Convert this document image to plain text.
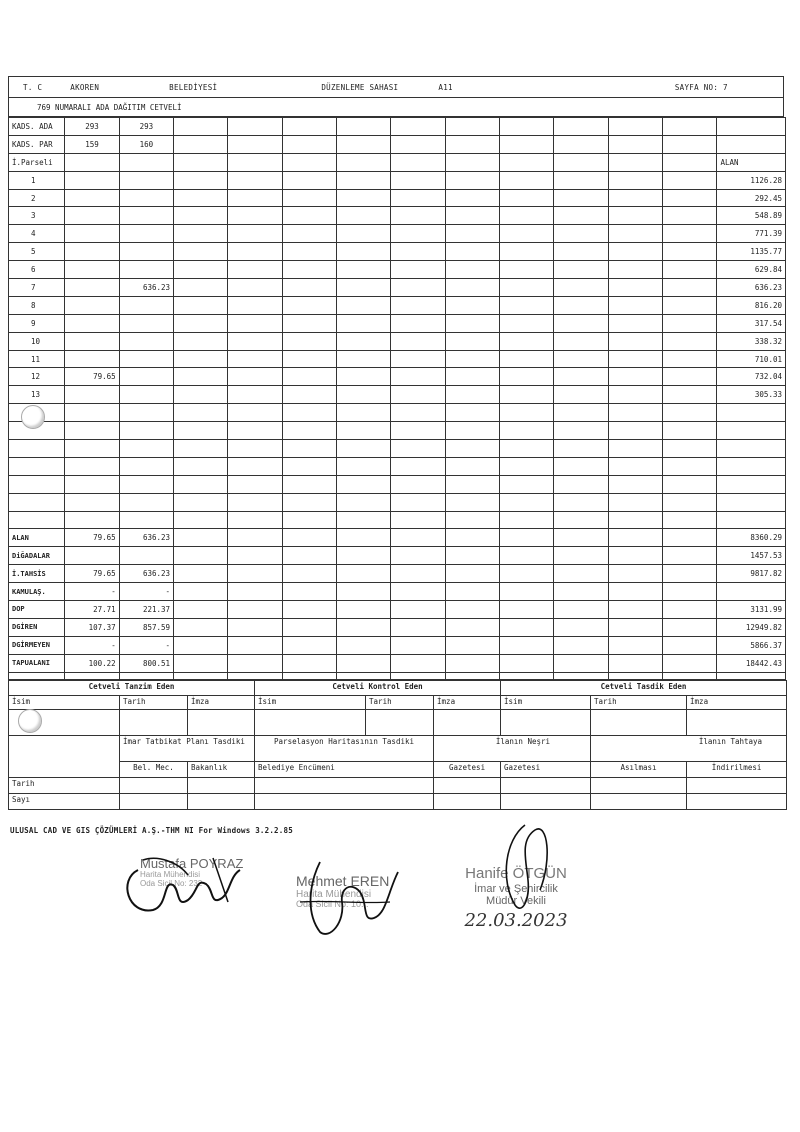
T. C	AKOREN	BELEDİYESİ	DÜZENLEME SAHASI	A11	SAYFA NO: 7
769 NUMARALI ADA DAĞITIM CETVELİ
KADS. ADA	293	293											
KADS. PAR	159	160											
İ.Parseli													ALAN
1													1126.28
2													292.45
3													548.89
4													771.39
5													1135.77
6													629.84
7		636.23											636.23
8													816.20
9													317.54
10													338.32
11													710.01
12	79.65												732.04
13													305.33

ALAN	79.65	636.23											8360.29
DiĞADALAR													1457.53
İ.TAHSİS	79.65	636.23											9817.82
KAMULAŞ.	-	-											
DOP	27.71	221.37											3131.99
DGİREN	107.37	857.59											12949.82
DGİRMEYEN	-	-											5866.37
TAPUALANI	100.22	800.51											18442.43

Cetveli Tanzim Eden			Cetveli Kontrol Eden			Cetveli Tasdik Eden		
İsim	Tarih	İmza	İsim	Tarih	İmza	İsim	Tarih	İmza

	İmar Tatbikat Planı Tasdiki		Parselasyon Haritasının Tasdiki		İlanın Neşri		İlanın Tahtaya	
	Bel. Mec.	Bakanlık	Belediye Encümeni		Gazetesi	Gazetesi	Asılması	İndirilmesi
Tarih								
Sayı								
ULUSAL CAD VE GIS ÇÖZÜMLERİ A.Ş.-THM NI For Windows 3.2.2.85
Mustafa POYRAZ
Harita Mühendisi
Oda Sicil No: 232	Mehmet EREN
Harita Mühendisi
Oda Sicil No: 10...
Hanife ÖTGÜN
İmar ve Şehircilik
Müdür Vekili
22.03.2023
